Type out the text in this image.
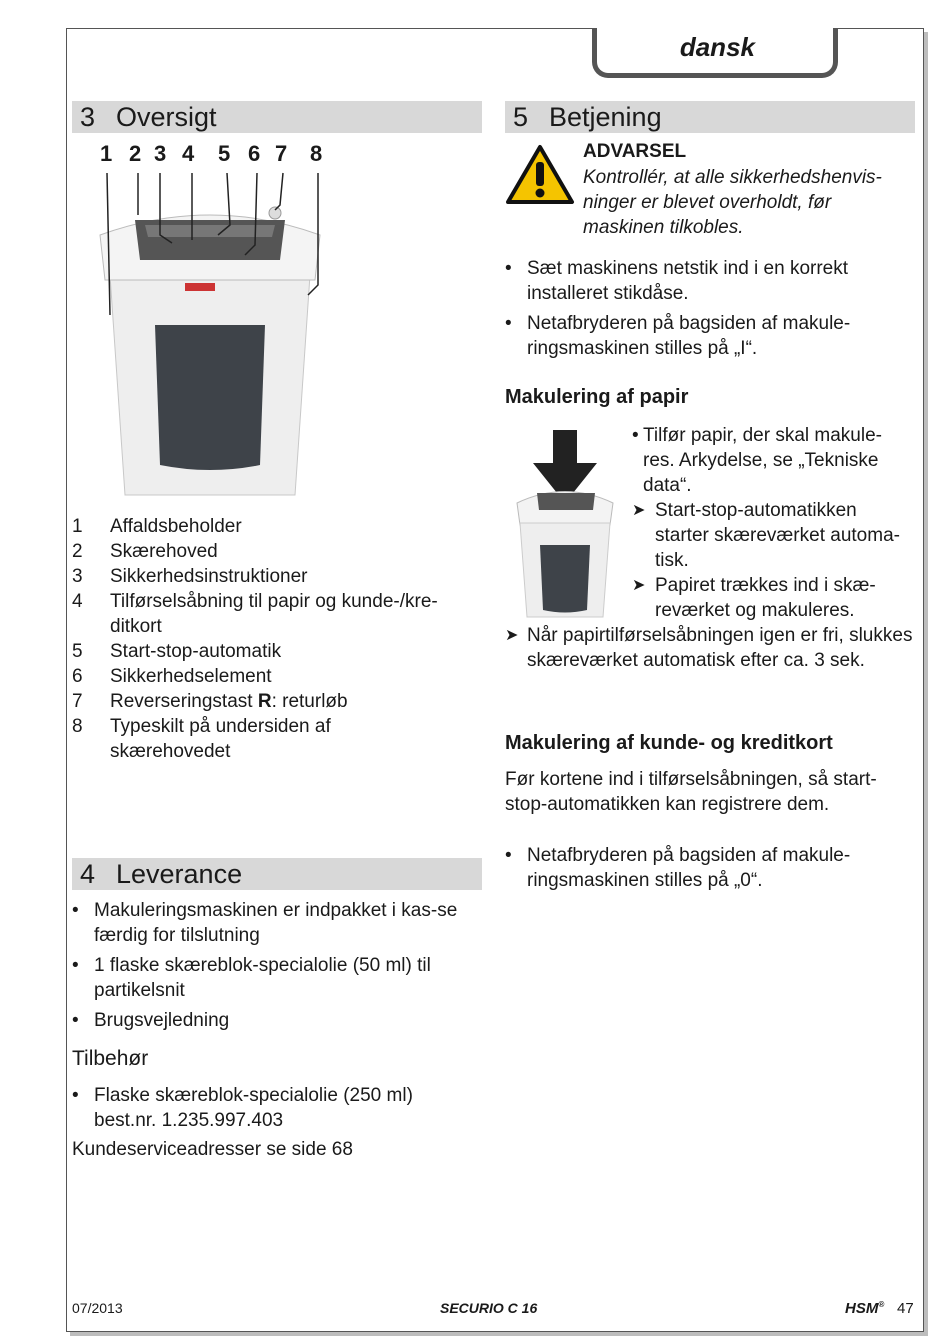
dansk
3 Oversigt
1 2 3 4 5 6 7 8
1 Affaldsbeholder
2 Skærehoved
3 Sikkerhedsinstruktioner
4 Tilførselsåbning til papir og kunde-/kre-ditkort
5 Start-stop-automatik
6 Sikkerhedselement
7 Reverseringstast R: returløb
8 Typeskilt på undersiden af skærehovedet
4 Leverance
• Makuleringsmaskinen er indpakket i kas-se færdig for tilslutning
• 1 flaske skæreblok-specialolie (50 ml) til partikelsnit
• Brugsvejledning
Tilbehør
• Flaske skæreblok-specialolie (250 ml) best.nr. 1.235.997.403
Kundeserviceadresser se side 68
5 Betjening
ADVARSEL
Kontrollér, at alle sikkerhedshenvis-ninger er blevet overholdt, før maskinen tilkobles.
• Sæt maskinens netstik ind i en korrekt installeret stikdåse.
• Netafbryderen på bagsiden af makule-ringsmaskinen stilles på „I“.
Makulering af papir
• Tilfør papir, der skal makule-res. Arkydelse, se „Tekniske data“.
➤ Start-stop-automatikken starter skæreværket automa-tisk.
➤ Papiret trækkes ind i skæ-reværket og makuleres.
➤ Når papirtilførselsåbningen igen er fri, slukkes skæreværket automatisk efter ca. 3 sek.
Makulering af kunde- og kreditkort
Før kortene ind i tilførselsåbningen, så start-stop-automatikken kan registrere dem.
• Netafbryderen på bagsiden af makule-ringsmaskinen stilles på „0“.
07/2013	SECURIO C 16	HSM® 47
